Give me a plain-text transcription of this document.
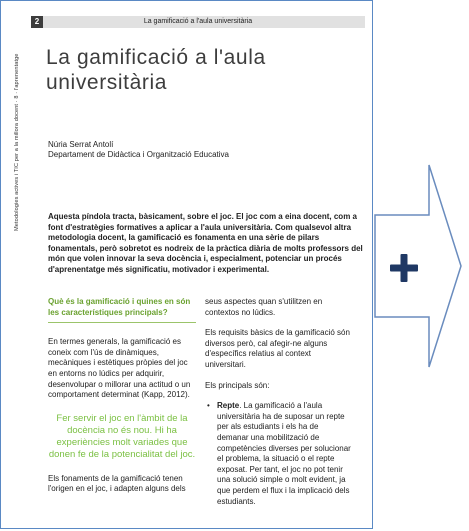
2	La gamificació a l'aula universitària
Metodologies actives i TIC per a la millora docent · 8 · l'aprenentatge La gamificació a l'aula
universitària
Núria Serrat Antolí
Departament de Didàctica i Organització Educativa
Aquesta píndola tracta, bàsicament, sobre el joc. El joc com a eina docent, com a font d'estratègies formatives a aplicar a l'aula universitària. Com qualsevol altra metodologia docent, la gamificació es fonamenta en una sèrie de pilars fonamentals, però sobretot es nodreix de la pràctica diària de molts professors del món que volen innovar la seva docència i, especialment, potenciar un procés d'aprenentatge més significatiu, motivador i experimental.

Què és la gamificació i quines en són les característiques principals?

En termes generals, la gamificació es coneix com l'ús de dinàmiques, mecàniques i estètiques pròpies del joc en entorns no lúdics per adquirir, desenvolupar o millorar una actitud o un comportament determinat (Kapp, 2012).

Fer servir el joc en l'àmbit de la docència no és nou. Hi ha experiències molt variades que donen fe de la potencialitat del joc.

Els fonaments de la gamificació tenen l'origen en el joc, i adapten alguns dels

seus aspectes quan s'utilitzen en contextos no lúdics.

Els requisits bàsics de la gamificació són diversos però, cal afegir-ne alguns d'específics relatius al context universitari.

Els principals són:

• Repte. La gamificació a l'aula universitària ha de suposar un repte per als estudiants i els ha de demanar una mobilització de competències diverses per solucionar el problema, la situació o el repte exposat. Per tant, el joc no pot tenir una solució simple o molt evident, ja que perdem el flux i la implicació dels estudiants.
